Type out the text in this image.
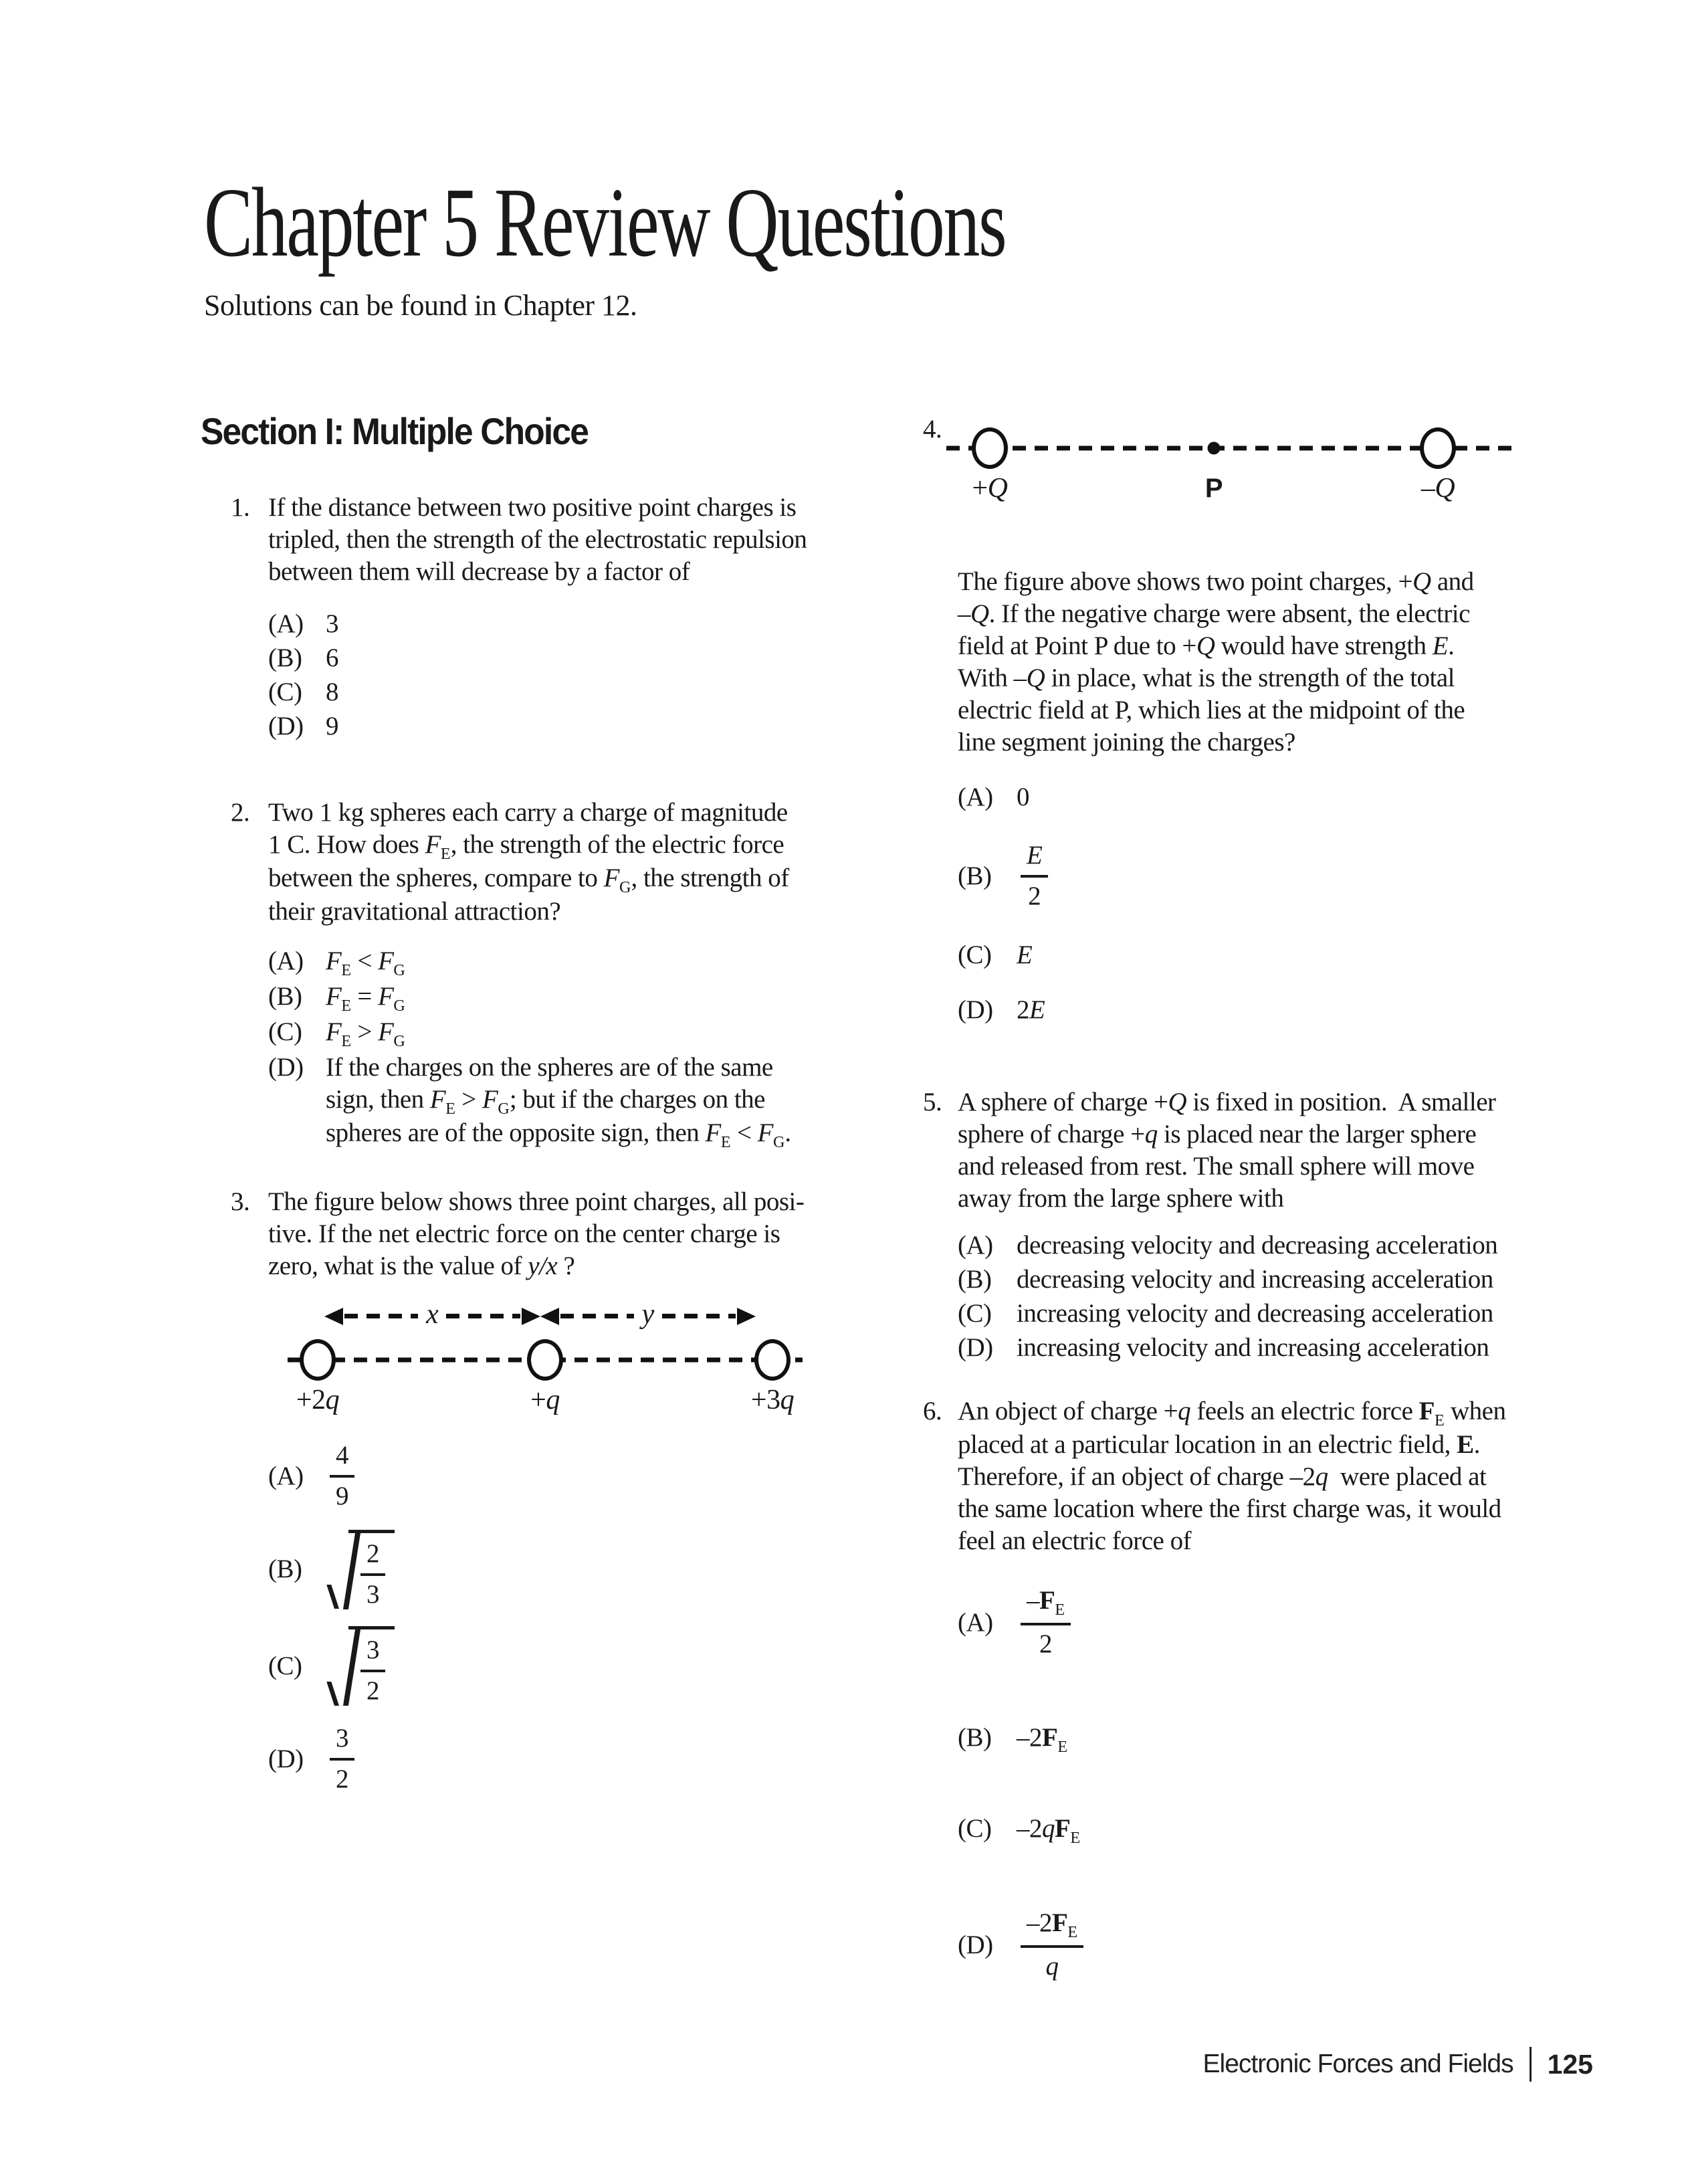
Chapter 5 Review Questions

Solutions can be found in Chapter 12.

Section I: Multiple Choice
1. If the distance between two positive point charges is
tripled, then the strength of the electrostatic repulsion
between them will decrease by a factor of

(A) 3
(B) 6
(C) 8
(D) 9
2. Two 1 kg spheres each carry a charge of magnitude
1 C. How does $F_E$, the strength of the electric force
between the spheres, compare to $F_G$, the strength of
their gravitational attraction?

(A) $F_E < F_G$
(B) $F_E = F_G$
(C) $F_E > F_G$
(D) If the charges on the spheres are of the same
sign, then $F_E > F_G$; but if the charges on the
spheres are of the opposite sign, then $F_E < F_G$.
3. The figure below shows three point charges, all posi-
tive. If the net electric force on the center charge is
zero, what is the value of y/x ?

x	y
+2q	+q	+3q
(A)	$\frac{4}{9}$
(B)	$\frac{2}{3}$
(C)	$\frac{3}{2}$
(D)	$\frac{3}{2}$
4.
+Q	P	–Q

The figure above shows two point charges, +Q and
–Q. If the negative charge were absent, the electric
field at Point P due to +Q would have strength E.
With –Q in place, what is the strength of the total
electric field at P, which lies at the midpoint of the
line segment joining the charges?

(A) 0
(B)	$\frac{E}{2}$
(C) E
(D) 2E
5. A sphere of charge +Q is fixed in position.  A smaller
sphere of charge +q is placed near the larger sphere
and released from rest. The small sphere will move
away from the large sphere with

(A) decreasing velocity and decreasing acceleration
(B) decreasing velocity and increasing acceleration
(C) increasing velocity and decreasing acceleration
(D) increasing velocity and increasing acceleration
6. An object of charge +q feels an electric force $F_E$ when
placed at a particular location in an electric field, E.
Therefore, if an object of charge –2q  were placed at
the same location where the first charge was, it would
feel an electric force of

(A)	$\frac{-F_E}{2}$
(B) $-2F_E$
(C) $-2qF_E$
(D)	$\frac{-2F_E}{q}$
Electronic Forces and Fields 125
